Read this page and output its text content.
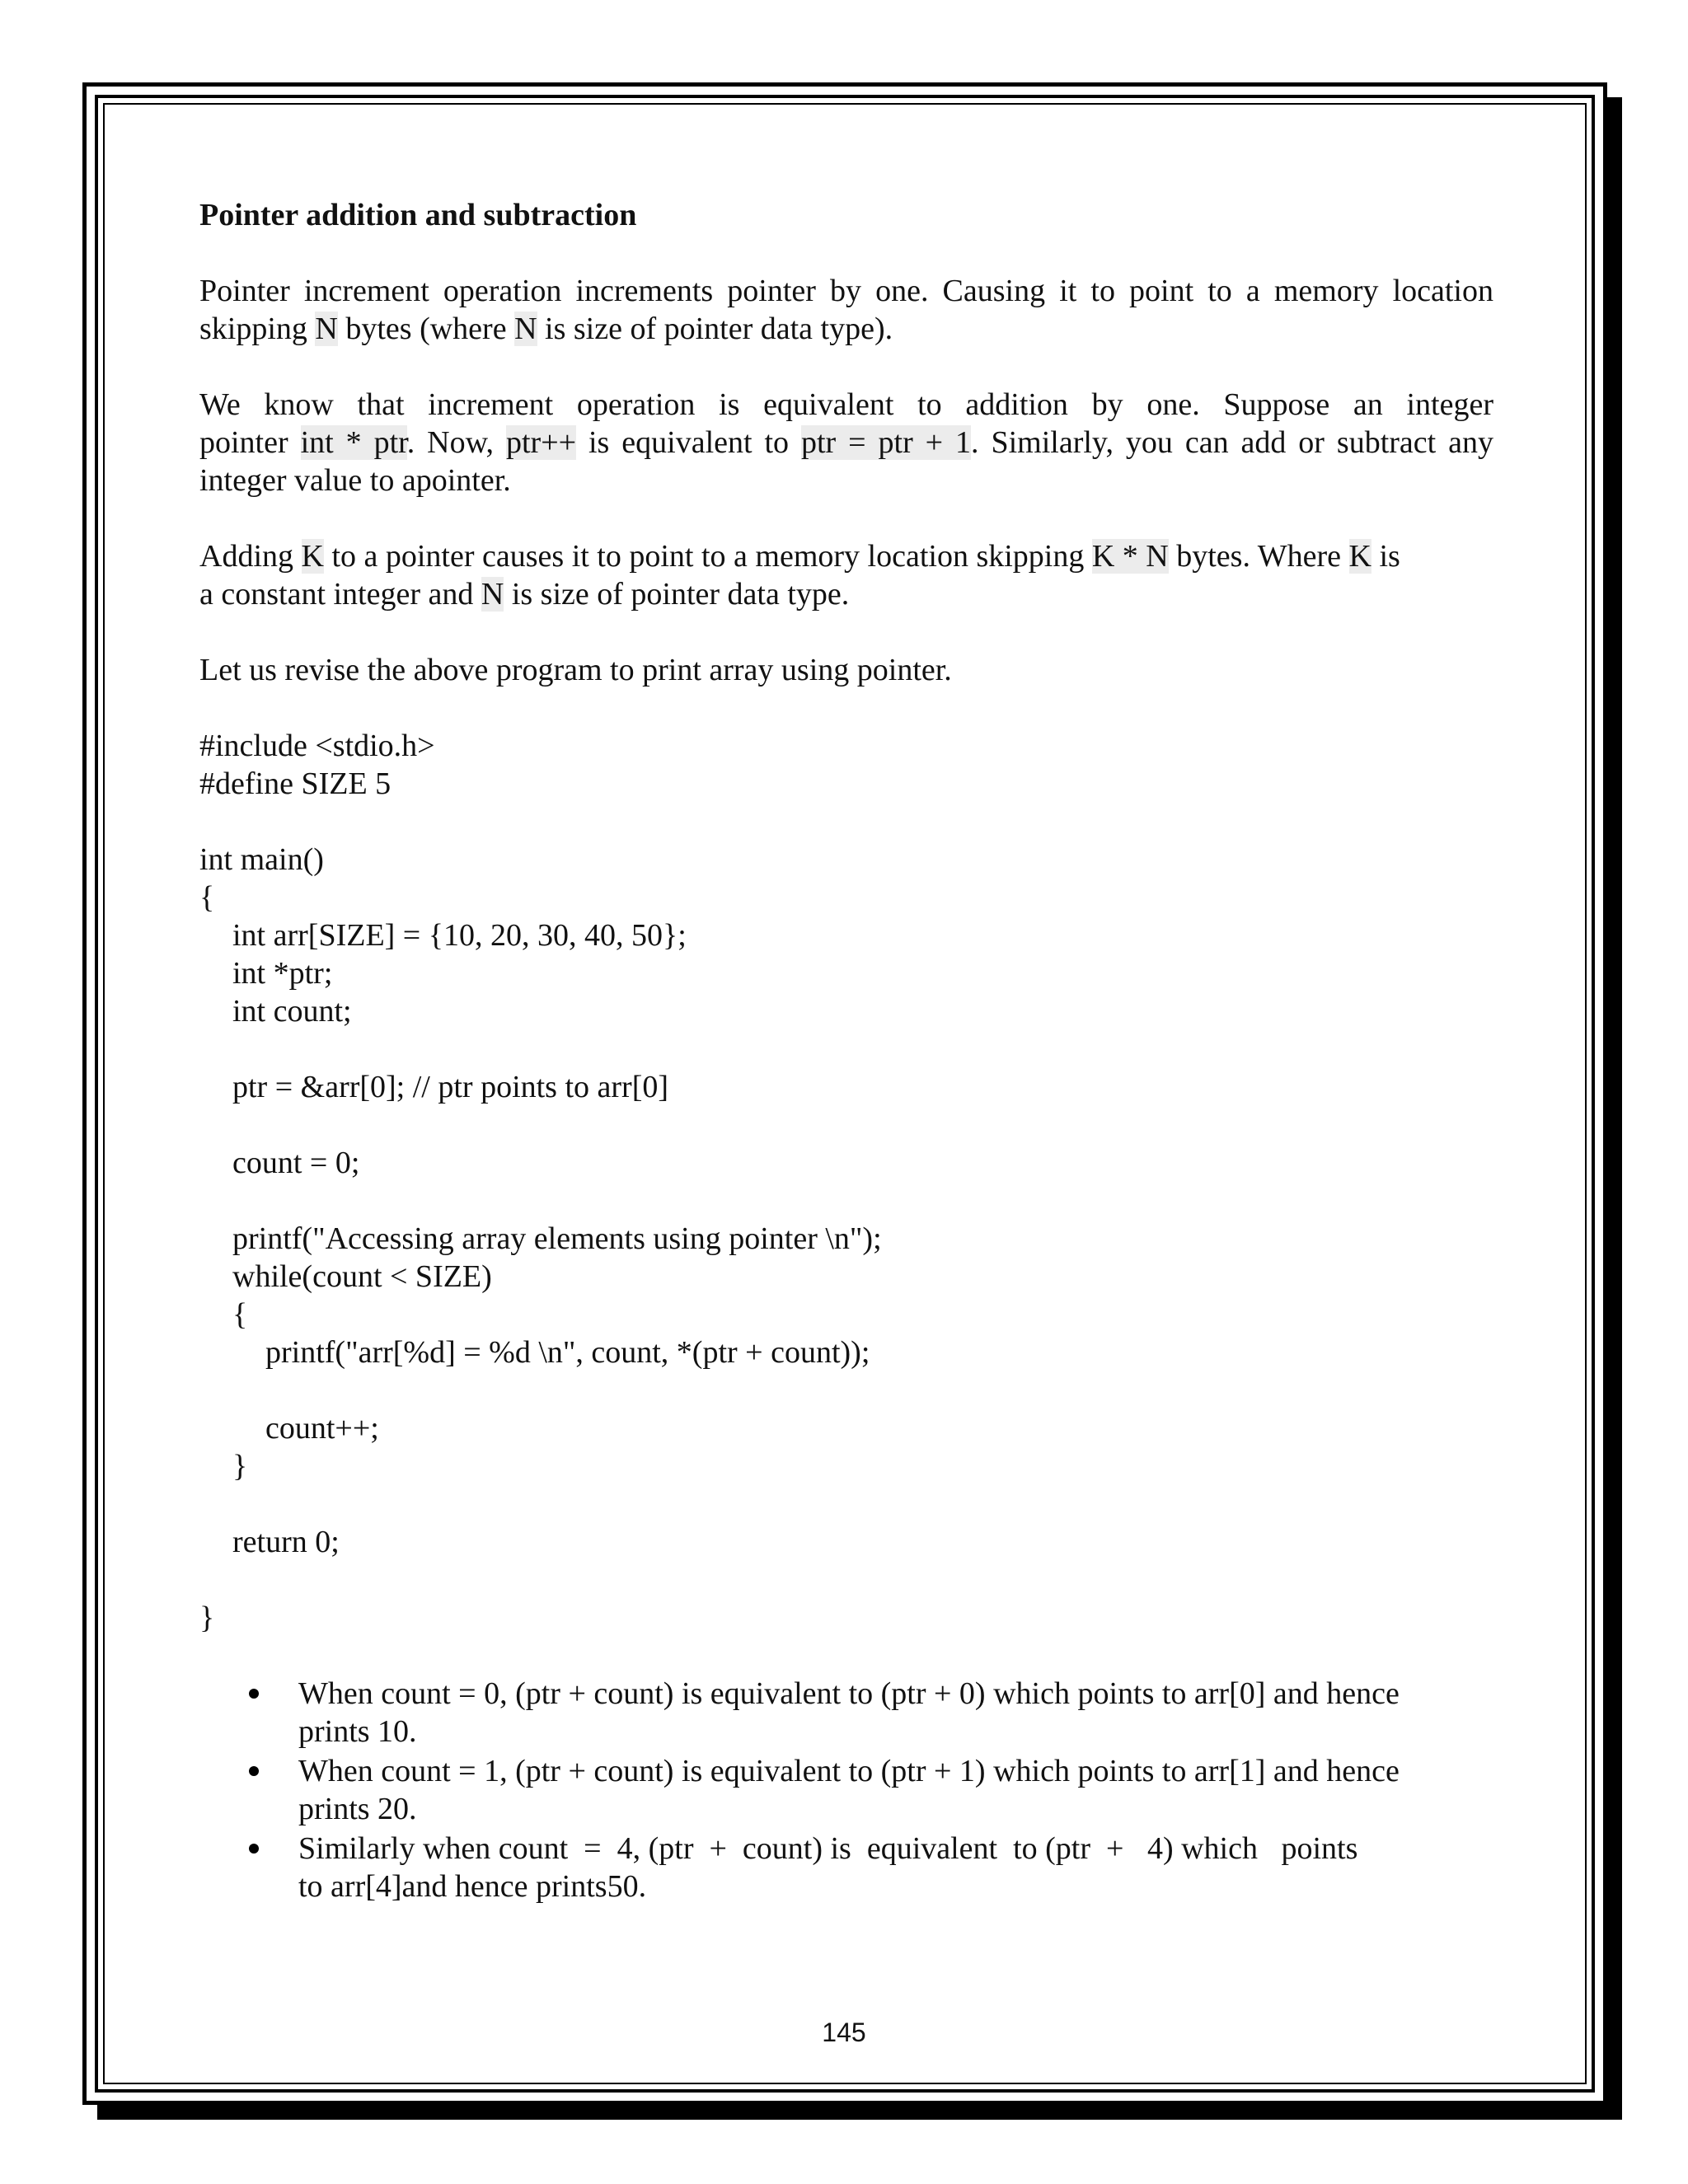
Pointer addition and subtraction

Pointer increment operation increments pointer by one. Causing it to point to a memory location

skipping N bytes (where N is size of pointer data type).

We know that increment operation is equivalent to addition by one. Suppose an integer

pointer int * ptr. Now, ptr++ is equivalent to ptr = ptr + 1. Similarly, you can add or subtract any

integer value to apointer.

Adding K to a pointer causes it to point to a memory location skipping K * N bytes. Where K is

a constant integer and N is size of pointer data type.

Let us revise the above program to print array using pointer.

#include <stdio.h>
#define SIZE 5
int main()
{
int arr[SIZE] = {10, 20, 30, 40, 50};
int *ptr;
int count;
ptr = &arr[0]; // ptr points to arr[0]
count = 0;
printf("Accessing array elements using pointer \n");
while(count < SIZE)
{
printf("arr[%d] = %d \n", count, *(ptr + count));
count++;
}
return 0;
}
When count = 0, (ptr + count) is equivalent to (ptr + 0) which points to arr[0] and hence
prints 10.
When count = 1, (ptr + count) is equivalent to (ptr + 1) which points to arr[1] and hence
prints 20.
Similarly when count  =  4, (ptr  +  count) is  equivalent  to (ptr  +   4) which   points
to arr[4]and hence prints50.
145
